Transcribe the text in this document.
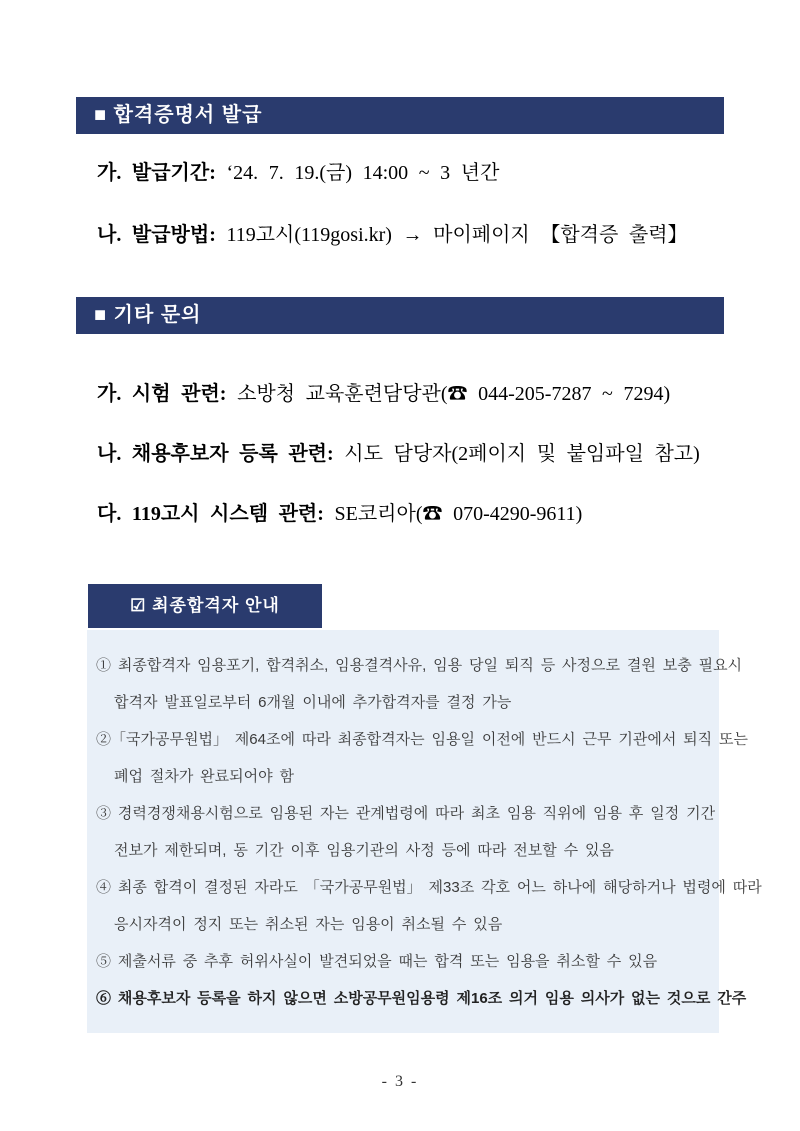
■ 합격증명서 발급
가. 발급기간: ‘24. 7. 19.(금) 14:00 ~ 3 년간
나. 발급방법: 119고시(119gosi.kr) → 마이페이지 【합격증 출력】
■ 기타 문의
가. 시험 관련: 소방청 교육훈련담당관(☎ 044-205-7287 ~ 7294)
나. 채용후보자 등록 관련: 시도 담당자(2페이지 및 붙임파일 참고)
다. 119고시 시스템 관련: SE코리아(☎ 070-4290-9611)
☑ 최종합격자 안내
① 최종합격자 임용포기, 합격취소, 임용결격사유, 임용 당일 퇴직 등 사정으로 결원 보충 필요시
합격자 발표일로부터 6개월 이내에 추가합격자를 결정 가능
②「국가공무원법」 제64조에 따라 최종합격자는 임용일 이전에 반드시 근무 기관에서 퇴직 또는
폐업 절차가 완료되어야 함
③ 경력경쟁채용시험으로 임용된 자는 관계법령에 따라 최초 임용 직위에 임용 후 일정 기간
전보가 제한되며, 동 기간 이후 임용기관의 사정 등에 따라 전보할 수 있음
④ 최종 합격이 결정된 자라도 「국가공무원법」 제33조 각호 어느 하나에 해당하거나 법령에 따라
응시자격이 정지 또는 취소된 자는 임용이 취소될 수 있음
⑤ 제출서류 중 추후 허위사실이 발견되었을 때는 합격 또는 임용을 취소할 수 있음
⑥ 채용후보자 등록을 하지 않으면 소방공무원임용령 제16조 의거 임용 의사가 없는 것으로 간주
- 3 -
